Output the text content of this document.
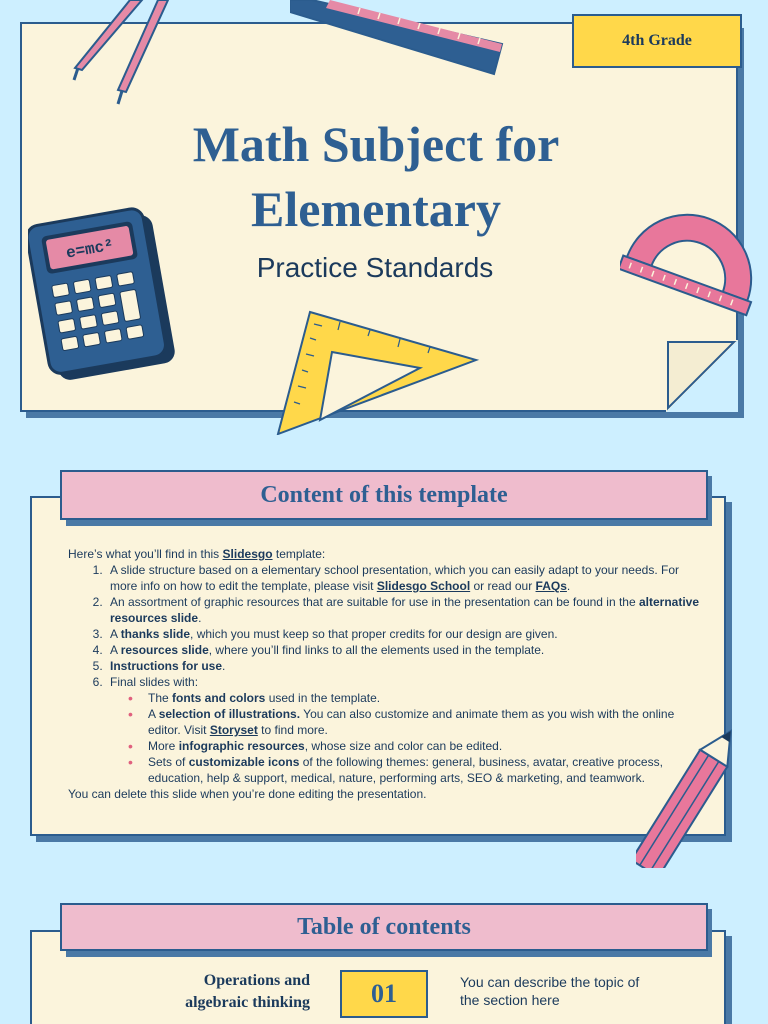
4th Grade
Math Subject for
Elementary
Practice Standards
e=mc²
Content of this template
Here’s what you’ll find in this Slidesgo template:
1. A slide structure based on a elementary school presentation, which you can easily adapt to your needs. For more info on how to edit the template, please visit Slidesgo School or read our FAQs.
2. An assortment of graphic resources that are suitable for use in the presentation can be found in the alternative resources slide.
3. A thanks slide, which you must keep so that proper credits for our design are given.
4. A resources slide, where you’ll find links to all the elements used in the template.
5. Instructions for use.
6. Final slides with:
• The fonts and colors used in the template.
• A selection of illustrations. You can also customize and animate them as you wish with the online editor. Visit Storyset to find more.
• More infographic resources, whose size and color can be edited.
• Sets of customizable icons of the following themes: general, business, avatar, creative process, education, help & support, medical, nature, performing arts, SEO & marketing, and teamwork.
You can delete this slide when you’re done editing the presentation.
Table of contents
Operations and
algebraic thinking 01	You can describe the topic of the section here
